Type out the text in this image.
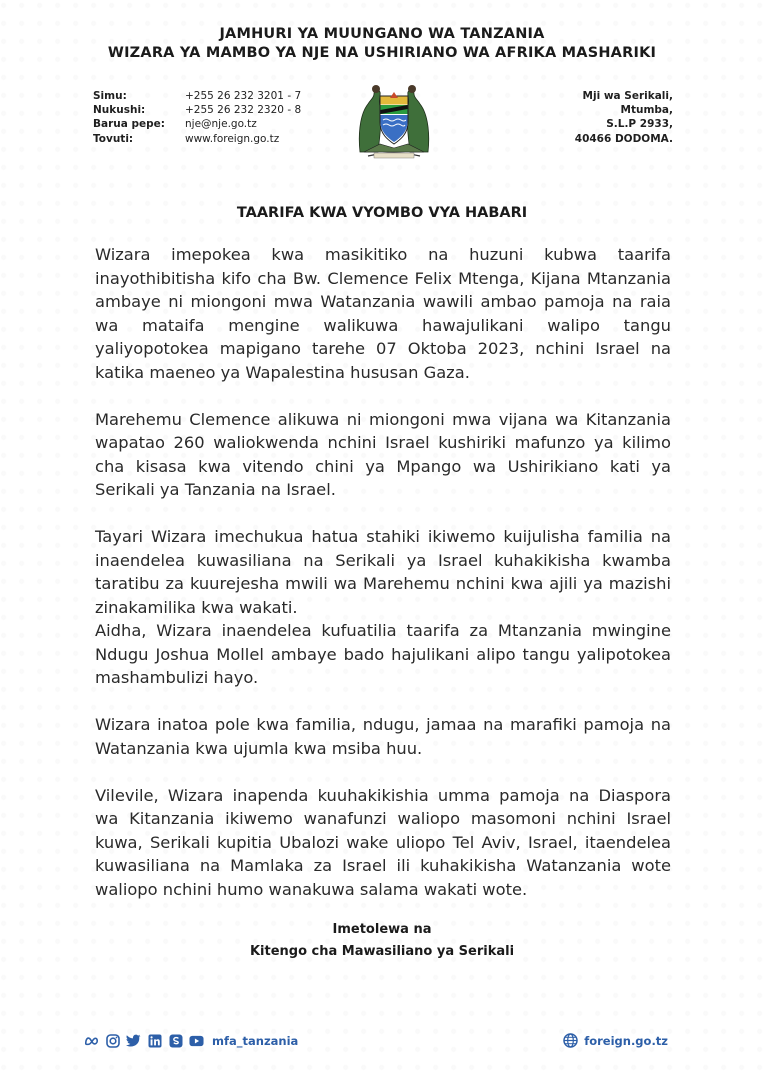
JAMHURI YA MUUNGANO WA TANZANIA
WIZARA YA MAMBO YA NJE NA USHIRIANO WA AFRIKA MASHARIKI
Simu:	+255 26 232 3201 - 7
Nukushi:	+255 26 232 2320 - 8
Barua pepe:	nje@nje.go.tz
Tovuti:	www.foreign.go.tz
Mji wa Serikali,
Mtumba,
S.L.P 2933,
40466 DODOMA.
TAARIFA KWA VYOMBO VYA HABARI

Wizara imepokea kwa masikitiko na huzuni kubwa taarifa inayothibitisha kifo cha Bw. Clemence Felix Mtenga, Kijana Mtanzania ambaye ni miongoni mwa Watanzania wawili ambao pamoja na raia wa mataifa mengine walikuwa hawajulikani walipo tangu yaliyopotokea mapigano tarehe 07 Oktoba 2023, nchini Israel na katika maeneo ya Wapalestina hususan Gaza.

Marehemu Clemence alikuwa ni miongoni mwa vijana wa Kitanzania wapatao 260 waliokwenda nchini Israel kushiriki mafunzo ya kilimo cha kisasa kwa vitendo chini ya Mpango wa Ushirikiano kati ya Serikali ya Tanzania na Israel.

Tayari Wizara imechukua hatua stahiki ikiwemo kuijulisha familia na inaendelea kuwasiliana na Serikali ya Israel kuhakikisha kwamba taratibu za kuurejesha mwili wa Marehemu nchini kwa ajili ya mazishi zinakamilika kwa wakati.

Aidha, Wizara inaendelea kufuatilia taarifa za Mtanzania mwingine Ndugu Joshua Mollel ambaye bado hajulikani alipo tangu yalipotokea mashambulizi hayo.

Wizara inatoa pole kwa familia, ndugu, jamaa na marafiki pamoja na Watanzania kwa ujumla kwa msiba huu.

Vilevile, Wizara inapenda kuuhakikishia umma pamoja na Diaspora wa Kitanzania ikiwemo wanafunzi waliopo masomoni nchini Israel kuwa, Serikali kupitia Ubalozi wake uliopo Tel Aviv, Israel, itaendelea kuwasiliana na Mamlaka za Israel ili kuhakikisha Watanzania wote waliopo nchini humo wanakuwa salama wakati wote.

Imetolewa na
Kitengo cha Mawasiliano ya Serikali
mfa_tanzania	foreign.go.tz
